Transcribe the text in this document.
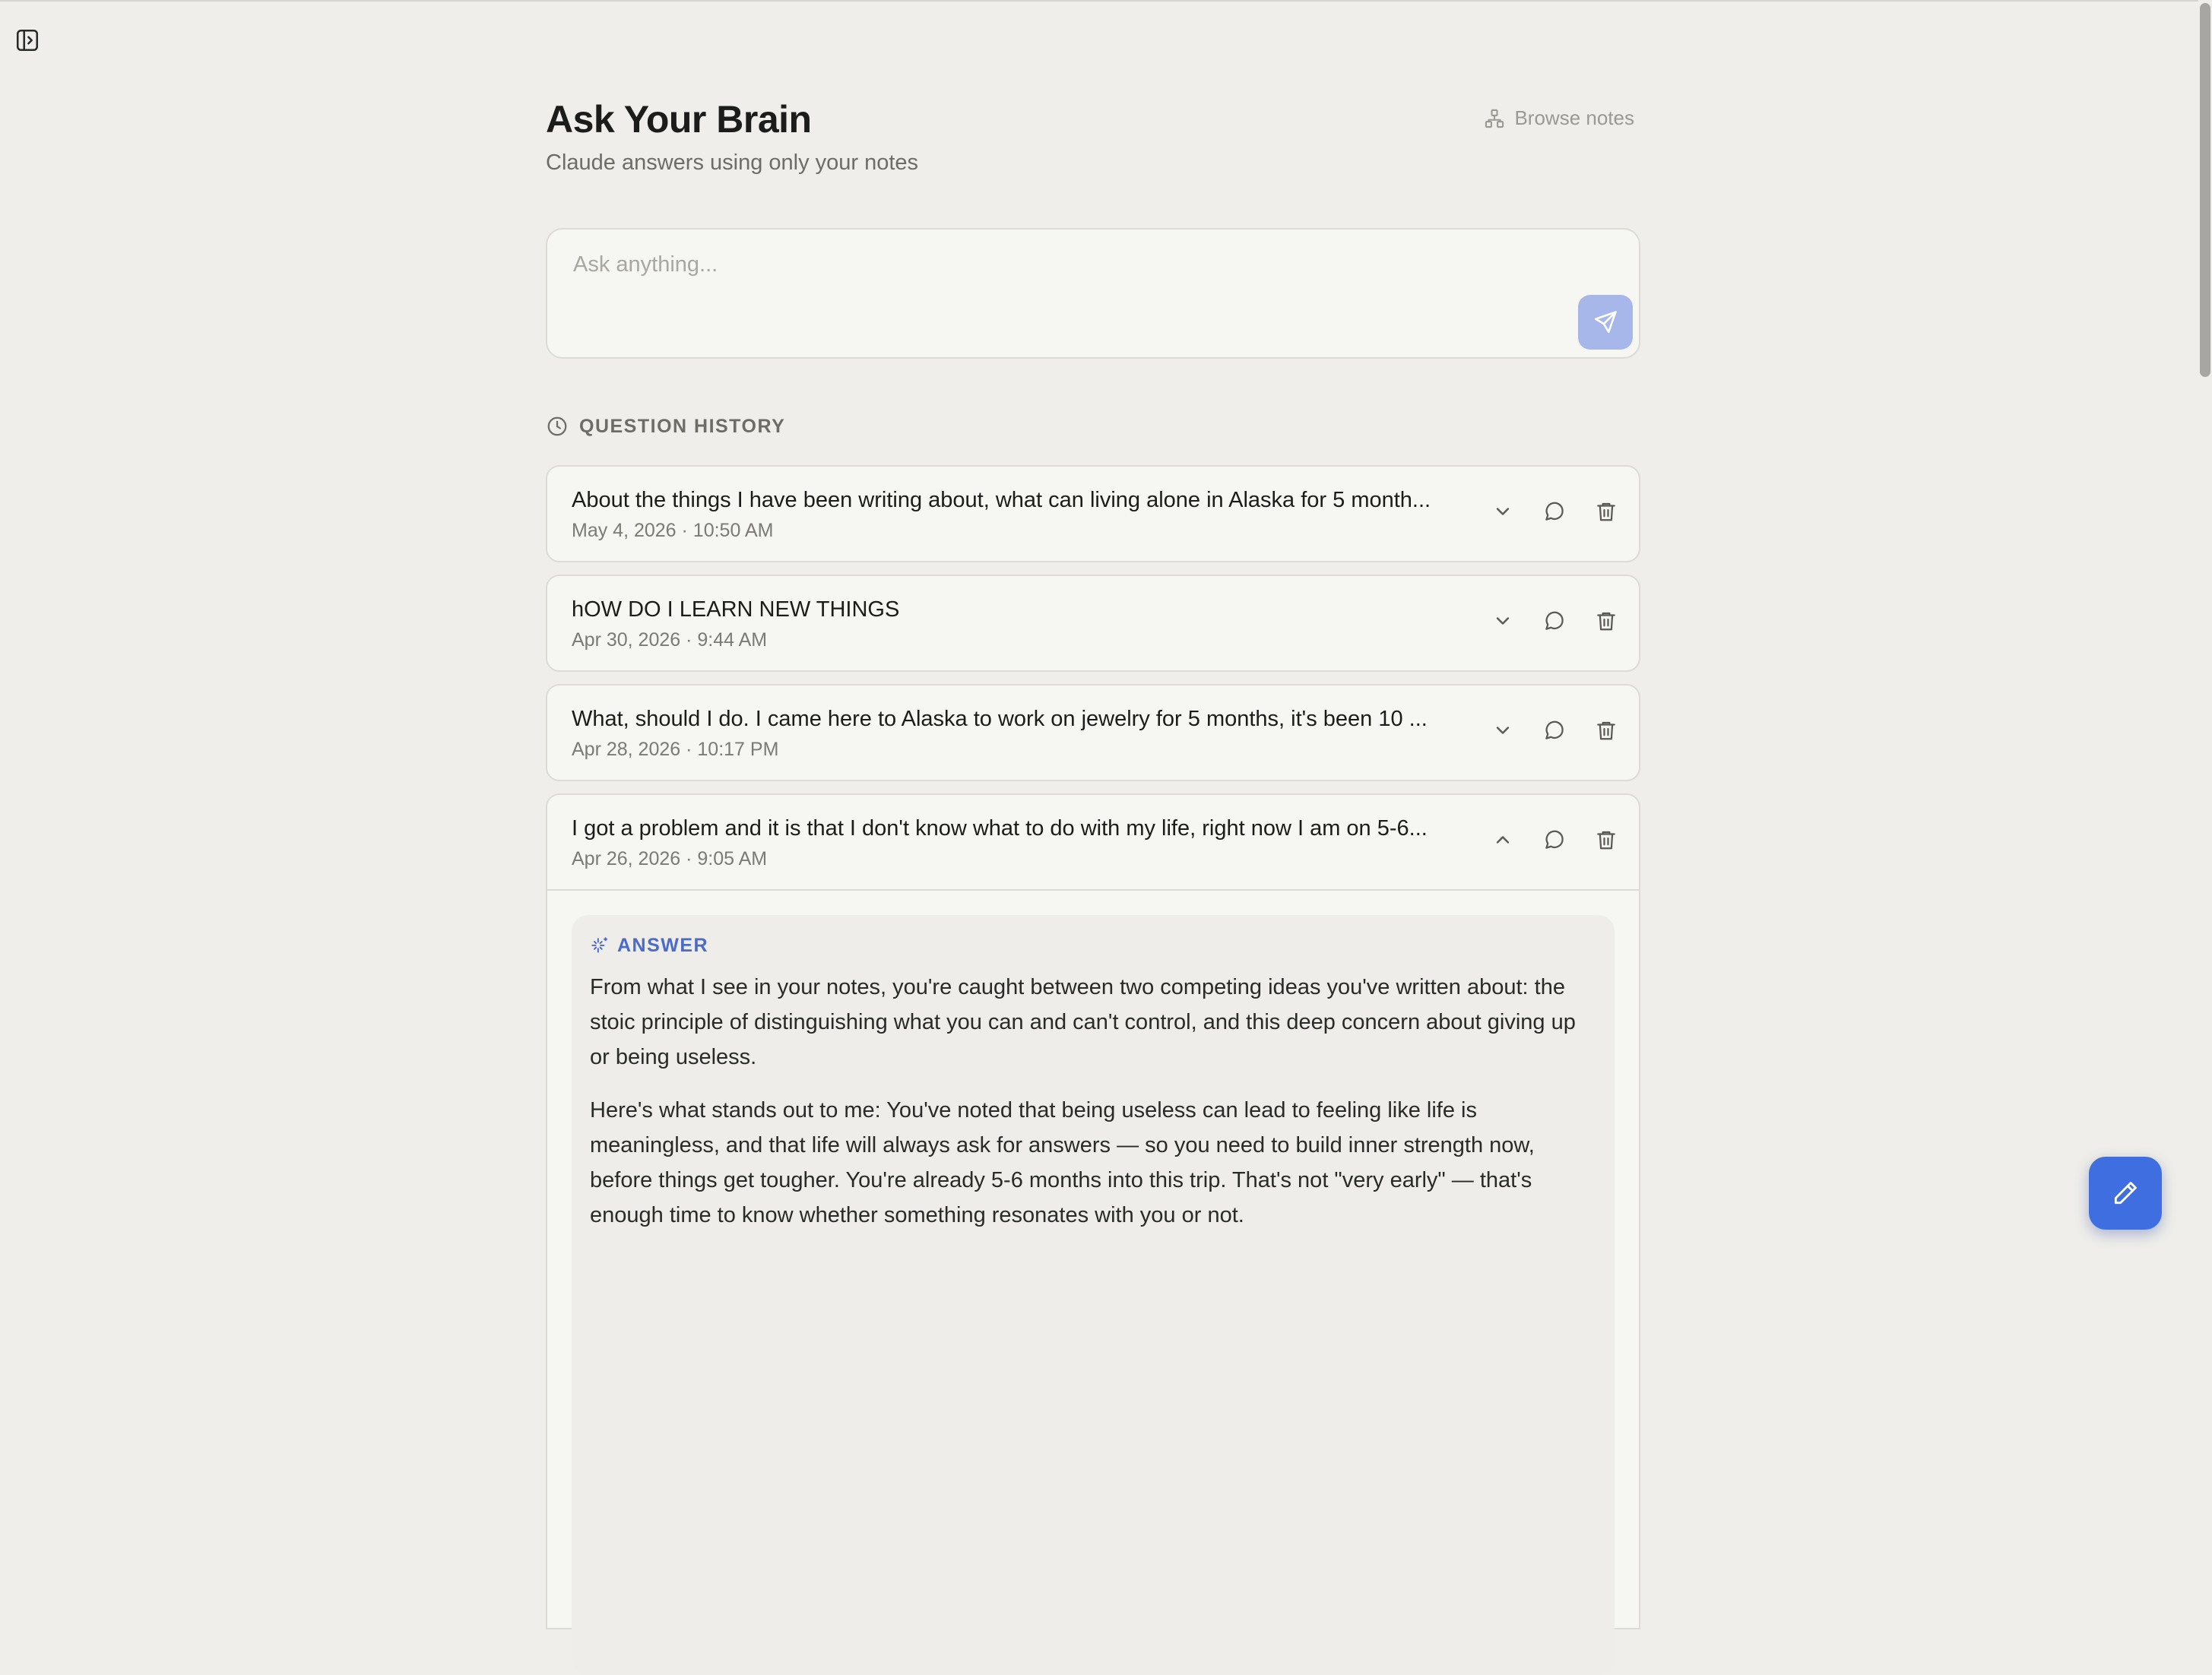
Ask Your Brain
Claude answers using only your notes
Browse notes
Ask anything...
QUESTION HISTORY
About the things I have been writing about, what can living alone in Alaska for 5 month...
May 4, 2026 · 10:50 AM
hOW DO I LEARN NEW THINGS
Apr 30, 2026 · 9:44 AM
What, should I do. I came here to Alaska to work on jewelry for 5 months, it's been 10 ...
Apr 28, 2026 · 10:17 PM
I got a problem and it is that I don't know what to do with my life, right now I am on 5-6...
Apr 26, 2026 · 9:05 AM
ANSWER

From what I see in your notes, you're caught between two competing ideas you've written about: the stoic principle of distinguishing what you can and can't control, and this deep concern about giving up or being useless.

Here's what stands out to me: You've noted that being useless can lead to feeling like life is meaningless, and that life will always ask for answers — so you need to build inner strength now, before things get tougher. You're already 5-6 months into this trip. That's not "very early" — that's enough time to know whether something resonates with you or not.
